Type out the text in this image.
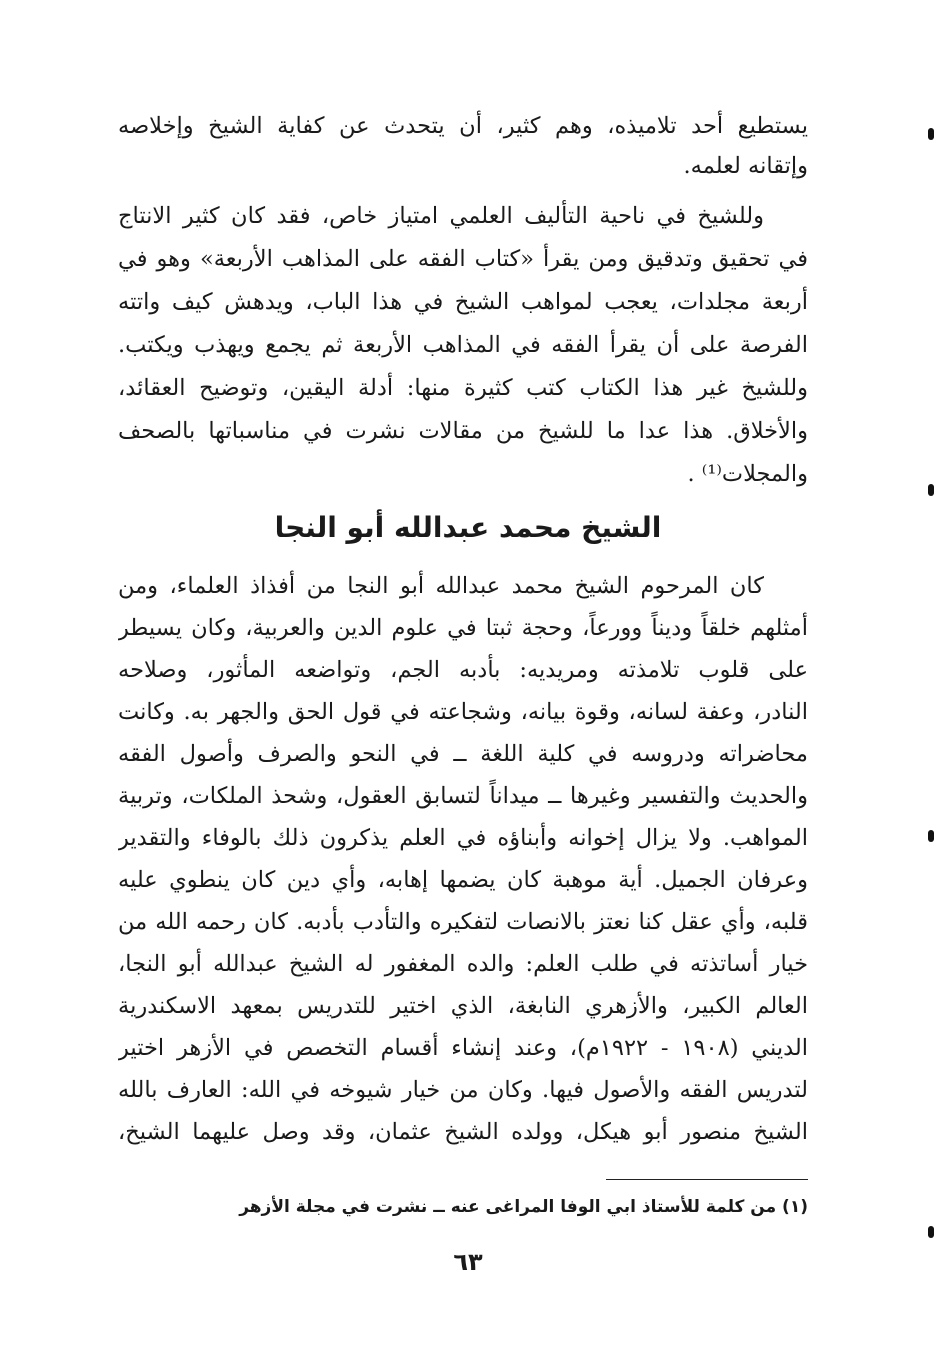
يستطيع أحد تلاميذه، وهم كثير، أن يتحدث عن كفاية الشيخ وإخلاصه
وإتقانه لعلمه.
وللشيخ في ناحية التأليف العلمي امتياز خاص، فقد كان كثير الانتاج
في تحقيق وتدقيق ومن يقرأ «كتاب الفقه على المذاهب الأربعة» وهو في
أربعة مجلدات، يعجب لمواهب الشيخ في هذا الباب، ويدهش كيف واتته
الفرصة على أن يقرأ الفقه في المذاهب الأربعة ثم يجمع ويهذب ويكتب.
وللشيخ غير هذا الكتاب كتب كثيرة منها: أدلة اليقين، وتوضيح العقائد،
والأخلاق. هذا عدا ما للشيخ من مقالات نشرت في مناسباتها بالصحف
والمجلات⁽¹⁾ .
الشيخ محمد عبدالله أبو النجا
كان المرحوم الشيخ محمد عبدالله أبو النجا من أفذاذ العلماء، ومن
أمثلهم خلقاً وديناً وورعاً، وحجة ثبتا في علوم الدين والعربية، وكان يسيطر
على قلوب تلامذته ومريديه: بأدبه الجم، وتواضعه المأثور، وصلاحه
النادر، وعفة لسانه، وقوة بيانه، وشجاعته في قول الحق والجهر به. وكانت
محاضراته ودروسه في كلية اللغة ــ في النحو والصرف وأصول الفقه
والحديث والتفسير وغيرها ــ ميداناً لتسابق العقول، وشحذ الملكات، وتربية
المواهب. ولا يزال إخوانه وأبناؤه في العلم يذكرون ذلك بالوفاء والتقدير
وعرفان الجميل. أية موهبة كان يضمها إهابه، وأي دين كان ينطوي عليه
قلبه، وأي عقل كنا نعتز بالانصات لتفكيره والتأدب بأدبه. كان رحمه الله من
خيار أساتذته في طلب العلم: والده المغفور له الشيخ عبدالله أبو النجا،
العالم الكبير، والأزهري النابغة، الذي اختير للتدريس بمعهد الاسكندرية
الديني (١٩٠٨ - ١٩٢٢م)، وعند إنشاء أقسام التخصص في الأزهر اختير
لتدريس الفقه والأصول فيها. وكان من خيار شيوخه في الله: العارف بالله
الشيخ منصور أبو هيكل، وولده الشيخ عثمان، وقد وصل عليهما الشيخ،
(١) من كلمة للأستاذ ابي الوفا المراغى عنه ــ نشرت في مجلة الأزهر
٦٣
